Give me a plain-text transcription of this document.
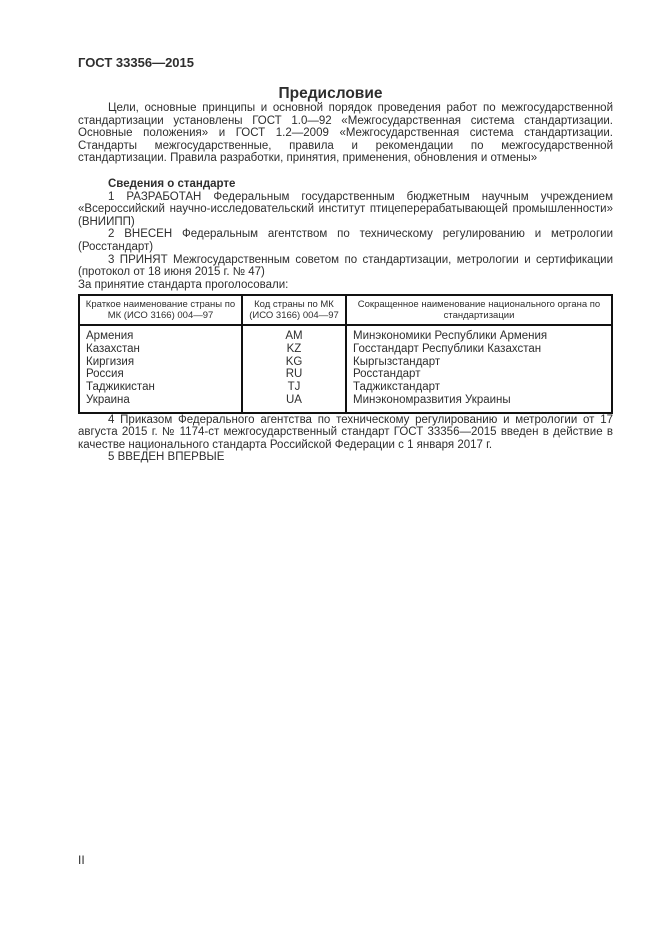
ГОСТ 33356—2015
Предисловие

Цели, основные принципы и основной порядок проведения работ по межгосударственной стандартизации установлены ГОСТ 1.0—92 «Межгосударственная система стандартизации. Основные положения» и ГОСТ 1.2—2009 «Межгосударственная система стандартизации. Стандарты межгосударственные, правила и рекомендации по межгосударственной стандартизации. Правила разработки, принятия, применения, обновления и отмены»

Сведения о стандарте

1 РАЗРАБОТАН Федеральным государственным бюджетным научным учреждением «Всероссийский научно-исследовательский институт птицеперерабатывающей промышленности» (ВНИИПП)

2 ВНЕСЕН Федеральным агентством по техническому регулированию и метрологии (Росстандарт)

3 ПРИНЯТ Межгосударственным советом по стандартизации, метрологии и сертификации (протокол от 18 июня 2015 г. № 47)

За принятие стандарта проголосовали:

Краткое наименование страны по МК (ИСО 3166) 004—97	Код страны по МК (ИСО 3166) 004—97	Сокращенное наименование национального органа по стандартизации
Армения	AM	Минэкономики Республики Армения
Казахстан	KZ	Госстандарт Республики Казахстан
Киргизия	KG	Кыргызстандарт
Россия	RU	Росстандарт
Таджикистан	TJ	Таджикстандарт
Украина	UA	Минэкономразвития Украины

4 Приказом Федерального агентства по техническому регулированию и метрологии от 17 августа 2015 г. № 1174-ст межгосударственный стандарт ГОСТ 33356—2015 введен в действие в качестве национального стандарта Российской Федерации с 1 января 2017 г.

5 ВВЕДЕН ВПЕРВЫЕ

II
